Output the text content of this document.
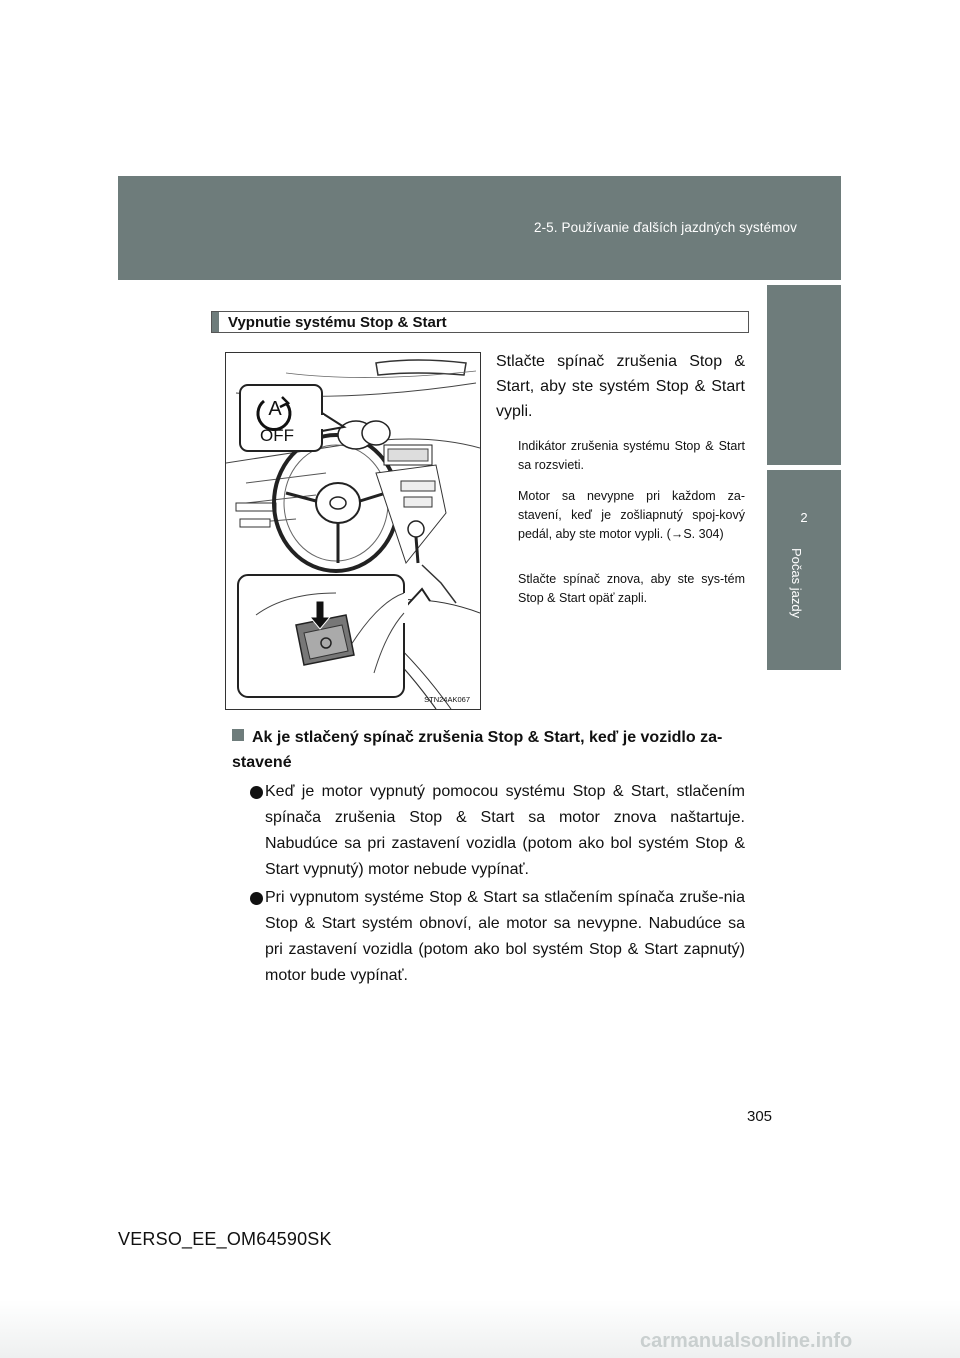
2-5. Používanie ďalších jazdných systémov
2
Počas jazdy
Vypnutie systému Stop & Start
A
OFF
STN24AK067
Stlačte spínač zrušenia Stop & Start, aby ste systém Stop & Start vypli.
Indikátor zrušenia systému Stop & Start sa rozsvieti.
Motor sa nevypne pri každom za-stavení, keď je zošliapnutý spoj-kový pedál, aby ste motor vypli. (→S. 304)
Stlačte spínač znova, aby ste sys-tém Stop & Start opäť zapli.
Ak je stlačený spínač zrušenia Stop & Start, keď je vozidlo za-stavené

Keď je motor vypnutý pomocou systému Stop & Start, stlačením spínača zrušenia Stop & Start sa motor znova naštartuje. Nabudúce sa pri zastavení vozidla (potom ako bol systém Stop & Start vypnutý) motor nebude vypínať.

Pri vypnutom systéme Stop & Start sa stlačením spínača zruše-nia Stop & Start systém obnoví, ale motor sa nevypne. Nabudúce sa pri zastavení vozidla (potom ako bol systém Stop & Start zapnutý) motor bude vypínať.

305
VERSO_EE_OM64590SK
carmanualsonline.info
